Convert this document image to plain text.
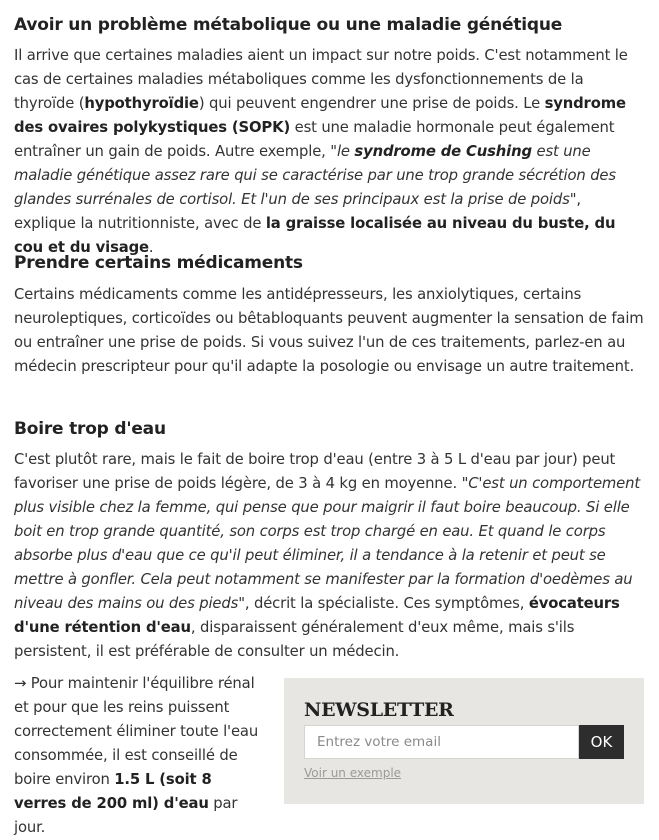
Avoir un problème métabolique ou une maladie génétique

Il arrive que certaines maladies aient un impact sur notre poids. C'est notamment le cas de certaines maladies métaboliques comme les dysfonctionnements de la thyroïde (hypothyroïdie) qui peuvent engendrer une prise de poids. Le syndrome des ovaires polykystiques (SOPK) est une maladie hormonale peut également entraîner un gain de poids. Autre exemple, "le syndrome de Cushing est une maladie génétique assez rare qui se caractérise par une trop grande sécrétion des glandes surrénales de cortisol. Et l'un de ses principaux est la prise de poids", explique la nutritionniste, avec de la graisse localisée au niveau du buste, du cou et du visage.

Prendre certains médicaments

Certains médicaments comme les antidépresseurs, les anxiolytiques, certains neuroleptiques, corticoïdes ou bêtabloquants peuvent augmenter la sensation de faim ou entraîner une prise de poids. Si vous suivez l'un de ces traitements, parlez-en au médecin prescripteur pour qu'il adapte la posologie ou envisage un autre traitement.

Boire trop d'eau

C'est plutôt rare, mais le fait de boire trop d'eau (entre 3 à 5 L d'eau par jour) peut favoriser une prise de poids légère, de 3 à 4 kg en moyenne. "C'est un comportement plus visible chez la femme, qui pense que pour maigrir il faut boire beaucoup. Si elle boit en trop grande quantité, son corps est trop chargé en eau. Et quand le corps absorbe plus d'eau que ce qu'il peut éliminer, il a tendance à la retenir et peut se mettre à gonfler. Cela peut notamment se manifester par la formation d'oedèmes au niveau des mains ou des pieds", décrit la spécialiste. Ces symptômes, évocateurs d'une rétention d'eau, disparaissent généralement d'eux même, mais s'ils persistent, il est préférable de consulter un médecin.

→ Pour maintenir l'équilibre rénal et pour que les reins puissent correctement éliminer toute l'eau consommée, il est conseillé de boire environ 1.5 L (soit 8 verres de 200 ml) d'eau par jour.

NEWSLETTER
Entrez votre email
OK
Voir un exemple
